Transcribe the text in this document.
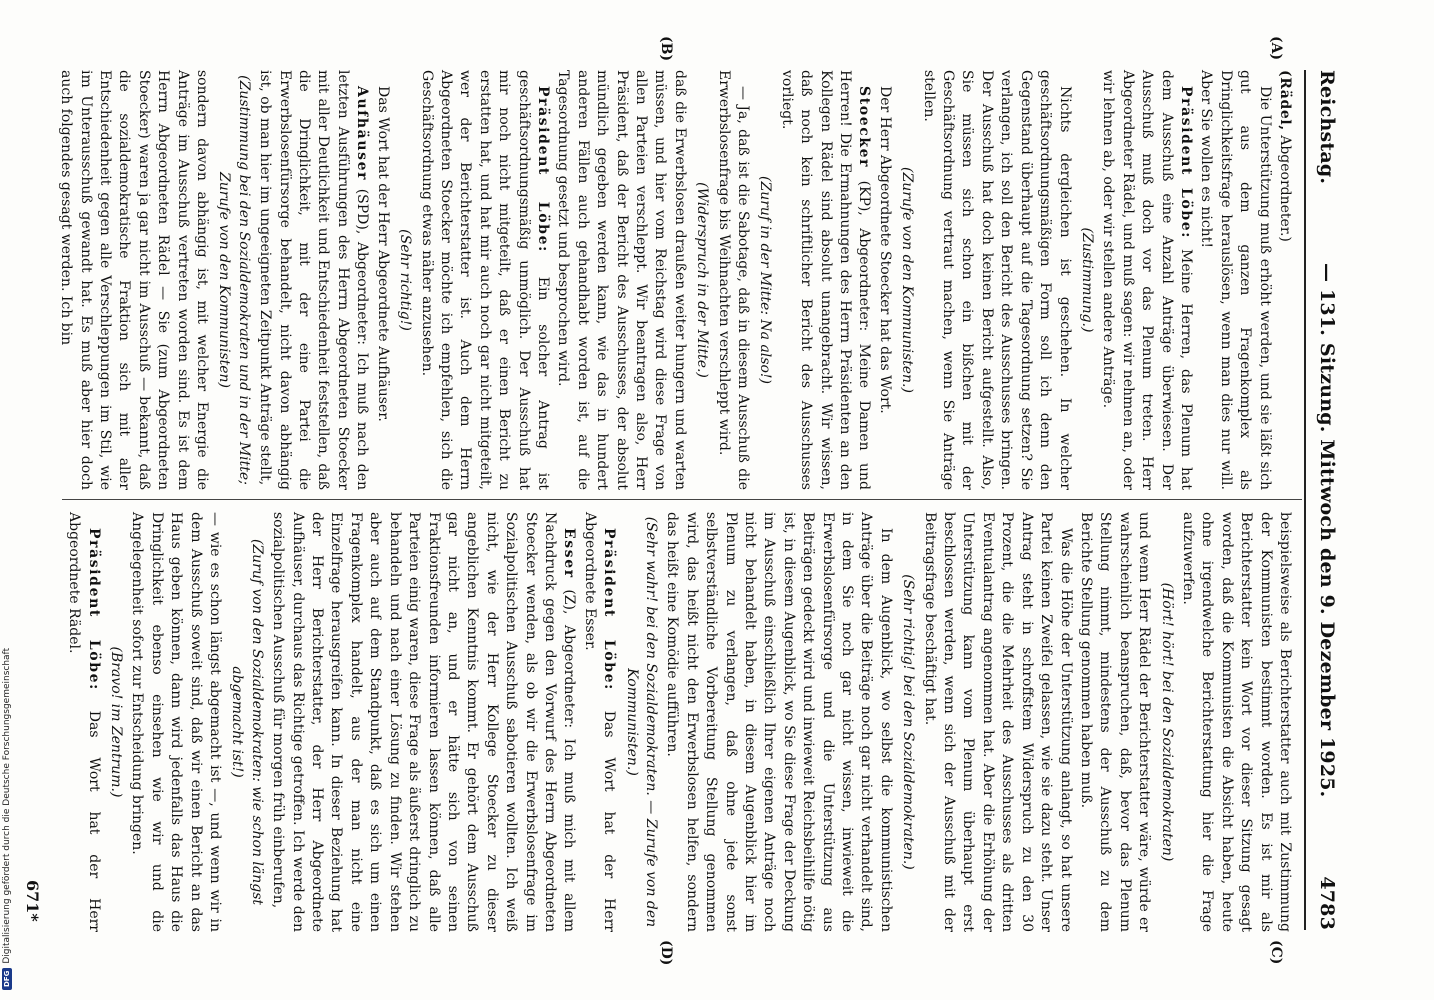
Reichstag.
— 131. Sitzung. Mittwoch den 9. Dezember 1925.
4783
(A)
(B)
(C)
(D)

(Rädel, Abgeordneter.)

Die Unterstützung muß erhöht werden, und sie läßt sich gut aus dem ganzen Fragenkomplex als Dringlichkeitsfrage herauslösen, wenn man dies nur will. Aber Sie wollen es nicht!

Präsident Löbe: Meine Herren, das Plenum hat dem Ausschuß eine Anzahl Anträge überwiesen. Der Ausschuß muß doch vor das Plenum treten. Herr Abgeordneter Rädel, und muß sagen: wir nehmen an, oder wir lehnen ab, oder wir stellen andere Anträge.

(Zustimmung.)

Nichts dergleichen ist geschehen. In welcher geschäftsordnungsmäßigen Form soll ich denn den Gegenstand überhaupt auf die Tagesordnung setzen? Sie verlangen, ich soll den Bericht des Ausschusses bringen. Der Ausschuß hat doch keinen Bericht aufgestellt. Also, Sie müssen sich schon ein bißchen mit der Geschäftsordnung vertraut machen, wenn Sie Anträge stellen.

(Zurufe von den Kommunisten.)

Der Herr Abgeordnete Stoecker hat das Wort.

Stoecker (KP), Abgeordneter: Meine Damen und Herren! Die Ermahnungen des Herrn Präsidenten an den Kollegen Rädel sind absolut unangebracht. Wir wissen, daß noch kein schriftlicher Bericht des Ausschusses vorliegt.

(Zuruf in der Mitte: Na also!)

— Ja, daß ist die Sabotage, daß in diesem Ausschuß die Erwerbslosenfrage bis Weihnachten verschleppt wird.

(Widerspruch in der Mitte.)

daß die Erwerbslosen draußen weiter hungern und warten müssen, und hier vom Reichstag wird diese Frage von allen Parteien verschleppt. Wir beantragen also, Herr Präsident, daß der Bericht des Ausschusses, der absolut mündlich gegeben werden kann, wie das in hundert anderen Fällen auch gehandhabt worden ist, auf die Tagesordnung gesetzt und besprochen wird.

Präsident Löbe: Ein solcher Antrag ist geschäftsordnungsmäßig unmöglich. Der Ausschuß hat mir noch nicht mitgeteilt, daß er einen Bericht zu erstatten hat, und hat mir auch noch gar nicht mitgeteilt, wer der Berichterstatter ist. Auch dem Herrn Abgeordneten Stoecker möchte ich empfehlen, sich die Geschäftsordnung etwas näher anzusehen.

(Sehr richtig!)

Das Wort hat der Herr Abgeordnete Aufhäuser.

Aufhäuser (SPD), Abgeordneter: Ich muß nach den letzten Ausführungen des Herrn Abgeordneten Stoecker mit aller Deutlichkeit und Entschiedenheit feststellen, daß die Dringlichkeit, mit der eine Partei die Erwerbslosenfürsorge behandelt, nicht davon abhängig ist, ob man hier im ungeeigneten Zeitpunkt Anträge stellt,

(Zustimmung bei den Sozialdemokraten und in der Mitte; Zurufe von den Kommunisten)

sondern davon abhängig ist, mit welcher Energie die Anträge im Ausschuß vertreten worden sind. Es ist dem Herrn Abgeordneten Rädel — Sie (zum Abgeordneten Stoecker) waren ja gar nicht im Ausschuß — bekannt, daß die sozialdemokratische Fraktion sich mit aller Entschiedenheit gegen alle Verschleppungen im Stil, wie im Unterausschuß gewandt hat. Es muß aber hier doch auch folgendes gesagt werden. Ich bin

beispielsweise als Berichterstatter auch mit Zustimmung der Kommunisten bestimmt worden. Es ist mir als Berichterstatter kein Wort vor dieser Sitzung gesagt worden, daß die Kommunisten die Absicht haben, heute ohne irgendwelche Berichterstattung hier die Frage aufzuwerfen.

(Hört! hört! bei den Sozialdemokraten)

und wenn Herr Rädel der Berichterstatter wäre, würde er wahrscheinlich beanspruchen, daß, bevor das Plenum Stellung nimmt, mindestens der Ausschuß zu dem Berichte Stellung genommen haben muß.

Was die Höhe der Unterstützung anlangt, so hat unsere Partei keinen Zweifel gelassen, wie sie dazu steht. Unser Antrag steht in schroffstem Widerspruch zu den 30 Prozent, die die Mehrheit des Ausschusses als dritten Eventualantrag angenommen hat. Aber die Erhöhung der Unterstützung kann vom Plenum überhaupt erst beschlossen werden, wenn sich der Ausschuß mit der Beitragsfrage beschäftigt hat.

(Sehr richtig! bei den Sozialdemokraten.)

In dem Augenblick, wo selbst die kommunistischen Anträge über die Beiträge noch gar nicht verhandelt sind, in dem Sie noch gar nicht wissen, inwieweit die Erwerbslosenfürsorge und die Unterstützung aus Beiträgen gedeckt wird und inwieweit Reichsbeihilfe nötig ist, in diesem Augenblick, wo Sie diese Frage der Deckung im Ausschuß einschließlich Ihrer eigenen Anträge noch nicht behandelt haben, in diesem Augenblick hier im Plenum zu verlangen, daß ohne jede sonst selbstverständliche Vorbereitung Stellung genommen wird, das heißt nicht den Erwerbslosen helfen, sondern das heißt eine Komödie aufführen.

(Sehr wahr! bei den Sozialdemokraten. — Zurufe von den Kommunisten.)

Präsident Löbe: Das Wort hat der Herr Abgeordnete Esser.

Esser (Z), Abgeordneter: Ich muß mich mit allem Nachdruck gegen den Vorwurf des Herrn Abgeordneten Stoecker wenden, als ob wir die Erwerbslosenfrage im Sozialpolitischen Ausschuß sabotieren wollten. Ich weiß nicht, wie der Herr Kollege Stoecker zu dieser angeblichen Kenntnis kommt. Er gehört dem Ausschuß gar nicht an, und er hätte sich von seinen Fraktionsfreunden informieren lassen können, daß alle Parteien einig waren, diese Frage als äußerst dringlich zu behandeln und nach einer Lösung zu finden. Wir stehen aber auch auf dem Standpunkt, daß es sich um einen Fragenkomplex handelt, aus der man nicht eine Einzelfrage herausgreifen kann. In dieser Beziehung hat der Herr Berichterstatter, der Herr Abgeordnete Aufhäuser, durchaus das Richtige getroffen. Ich werde den sozialpolitischen Ausschuß für morgen früh einberufen,

(Zuruf von den Sozialdemokraten: wie schon längst abgemacht ist!)

— wie es schon längst abgemacht ist —, und wenn wir in dem Ausschuß soweit sind, daß wir einen Bericht an das Haus geben können, dann wird jedenfalls das Haus die Dringlichkeit ebenso einsehen wie wir und die Angelegenheit sofort zur Entscheidung bringen.

(Bravo! im Zentrum.)

Präsident Löbe: Das Wort hat der Herr Abgeordnete Rädel.

671*
DFG
Digitalisierung gefördert durch die Deutsche Forschungsgemeinschaft
